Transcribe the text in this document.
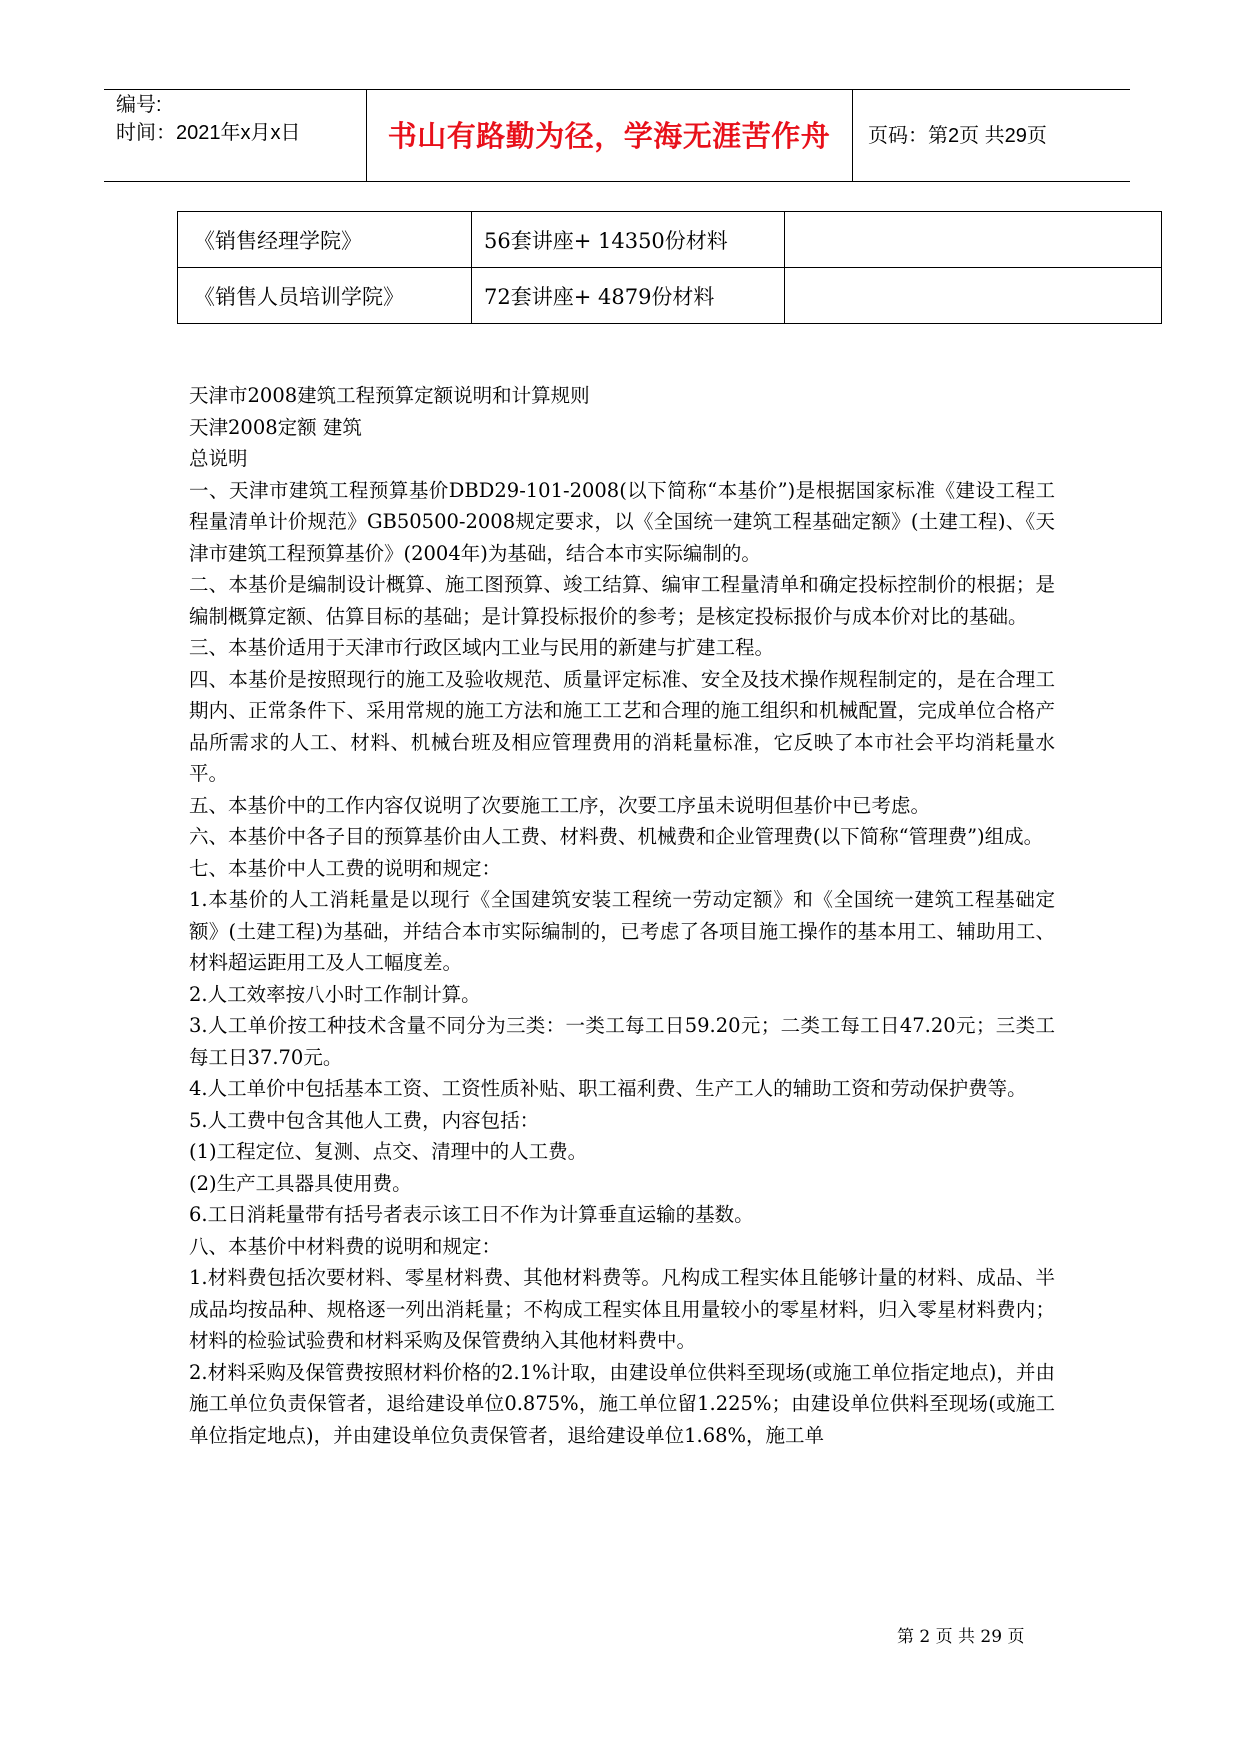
编号:
时间：2021年x月x日	书山有路勤为径，学海无涯苦作舟	页码：第2页 共29页
《销售经理学院》	56套讲座+ 14350份材料	
《销售人员培训学院》	72套讲座+ 4879份材料	

天津市2008建筑工程预算定额说明和计算规则

天津2008定额 建筑

总说明

一、天津市建筑工程预算基价DBD29-101-2008(以下简称“本基价”)是根据国家标准《建设工程工程量清单计价规范》GB50500-2008规定要求，以《全国统一建筑工程基础定额》(土建工程)、《天津市建筑工程预算基价》(2004年)为基础，结合本市实际编制的。

二、本基价是编制设计概算、施工图预算、竣工结算、编审工程量清单和确定投标控制价的根据；是编制概算定额、估算目标的基础；是计算投标报价的参考；是核定投标报价与成本价对比的基础。

三、本基价适用于天津市行政区域内工业与民用的新建与扩建工程。

四、本基价是按照现行的施工及验收规范、质量评定标准、安全及技术操作规程制定的，是在合理工期内、正常条件下、采用常规的施工方法和施工工艺和合理的施工组织和机械配置，完成单位合格产品所需求的人工、材料、机械台班及相应管理费用的消耗量标准，它反映了本市社会平均消耗量水平。

五、本基价中的工作内容仅说明了次要施工工序，次要工序虽未说明但基价中已考虑。

六、本基价中各子目的预算基价由人工费、材料费、机械费和企业管理费(以下简称“管理费”)组成。

七、本基价中人工费的说明和规定：

1.本基价的人工消耗量是以现行《全国建筑安装工程统一劳动定额》和《全国统一建筑工程基础定额》(土建工程)为基础，并结合本市实际编制的，已考虑了各项目施工操作的基本用工、辅助用工、材料超运距用工及人工幅度差。

2.人工效率按八小时工作制计算。

3.人工单价按工种技术含量不同分为三类：一类工每工日59.20元；二类工每工日47.20元；三类工每工日37.70元。

4.人工单价中包括基本工资、工资性质补贴、职工福利费、生产工人的辅助工资和劳动保护费等。

5.人工费中包含其他人工费，内容包括：

(1)工程定位、复测、点交、清理中的人工费。

(2)生产工具器具使用费。

6.工日消耗量带有括号者表示该工日不作为计算垂直运输的基数。

八、本基价中材料费的说明和规定：

1.材料费包括次要材料、零星材料费、其他材料费等。凡构成工程实体且能够计量的材料、成品、半成品均按品种、规格逐一列出消耗量；不构成工程实体且用量较小的零星材料，归入零星材料费内；材料的检验试验费和材料采购及保管费纳入其他材料费中。

2.材料采购及保管费按照材料价格的2.1%计取，由建设单位供料至现场(或施工单位指定地点)，并由施工单位负责保管者，退给建设单位0.875%，施工单位留1.225%；由建设单位供料至现场(或施工单位指定地点)，并由建设单位负责保管者，退给建设单位1.68%，施工单

第 2 页 共 29 页
